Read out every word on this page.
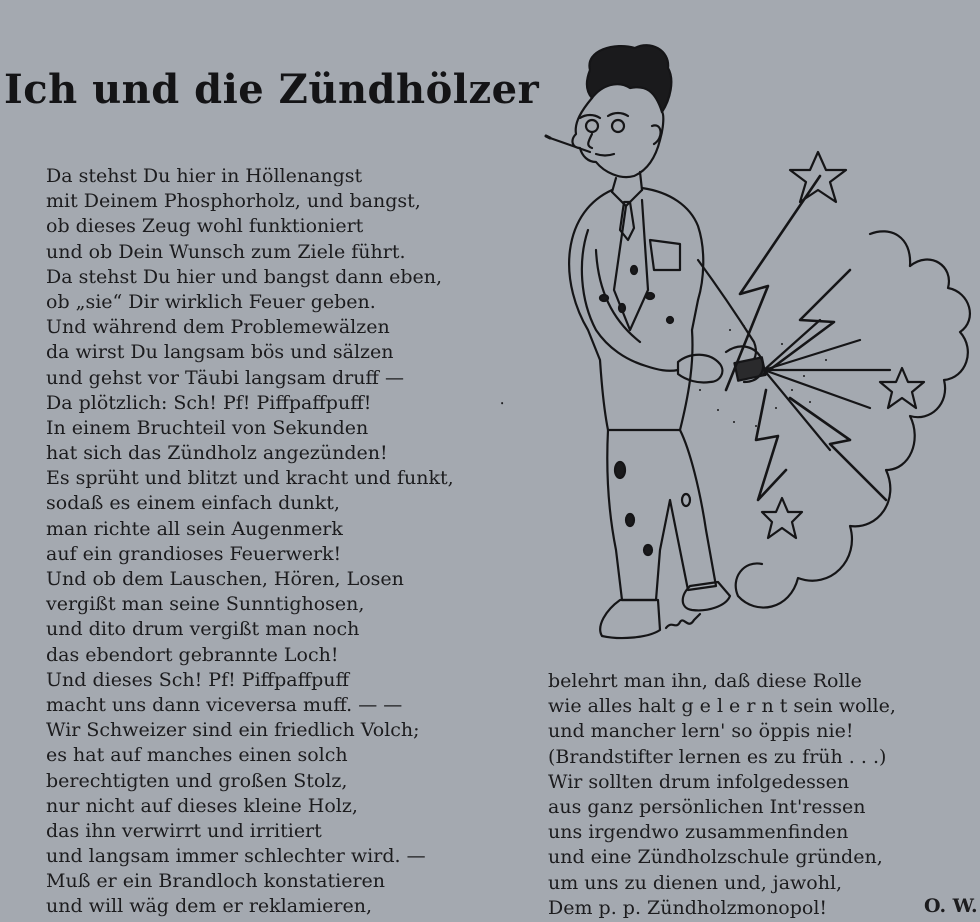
Ich und die Zündhölzer
Da stehst Du hier in Höllenangst
mit Deinem Phosphorholz, und bangst,
ob dieses Zeug wohl funktioniert
und ob Dein Wunsch zum Ziele führt.
Da stehst Du hier und bangst dann eben,
ob „sie“ Dir wirklich Feuer geben.
Und während dem Problemewälzen
da wirst Du langsam bös und sälzen
und gehst vor Täubi langsam druff —
Da plötzlich: Sch! Pf! Piffpaffpuff!
In einem Bruchteil von Sekunden
hat sich das Zündholz angezünden!
Es sprüht und blitzt und kracht und funkt,
sodaß es einem einfach dunkt,
man richte all sein Augenmerk
auf ein grandioses Feuerwerk!
Und ob dem Lauschen, Hören, Losen
vergißt man seine Sunntighosen,
und dito drum vergißt man noch
das ebendort gebrannte Loch!
Und dieses Sch! Pf! Piffpaffpuff
macht uns dann viceversa muff. — —
Wir Schweizer sind ein friedlich Volch;
es hat auf manches einen solch
berechtigten und großen Stolz,
nur nicht auf dieses kleine Holz,
das ihn verwirrt und irritiert
und langsam immer schlechter wird. —
Muß er ein Brandloch konstatieren
und will wäg dem er reklamieren,
⸱
belehrt man ihn, daß diese Rolle
wie alles halt g e l e r n t sein wolle,
und mancher lern' so öppis nie!
(Brandstifter lernen es zu früh . . .)
Wir sollten drum infolgedessen
aus ganz persönlichen Int'ressen
uns irgendwo zusammenfinden
und eine Zündholzschule gründen,
um uns zu dienen und, jawohl,
Dem p. p. Zündholzmonopol!	O. W.
